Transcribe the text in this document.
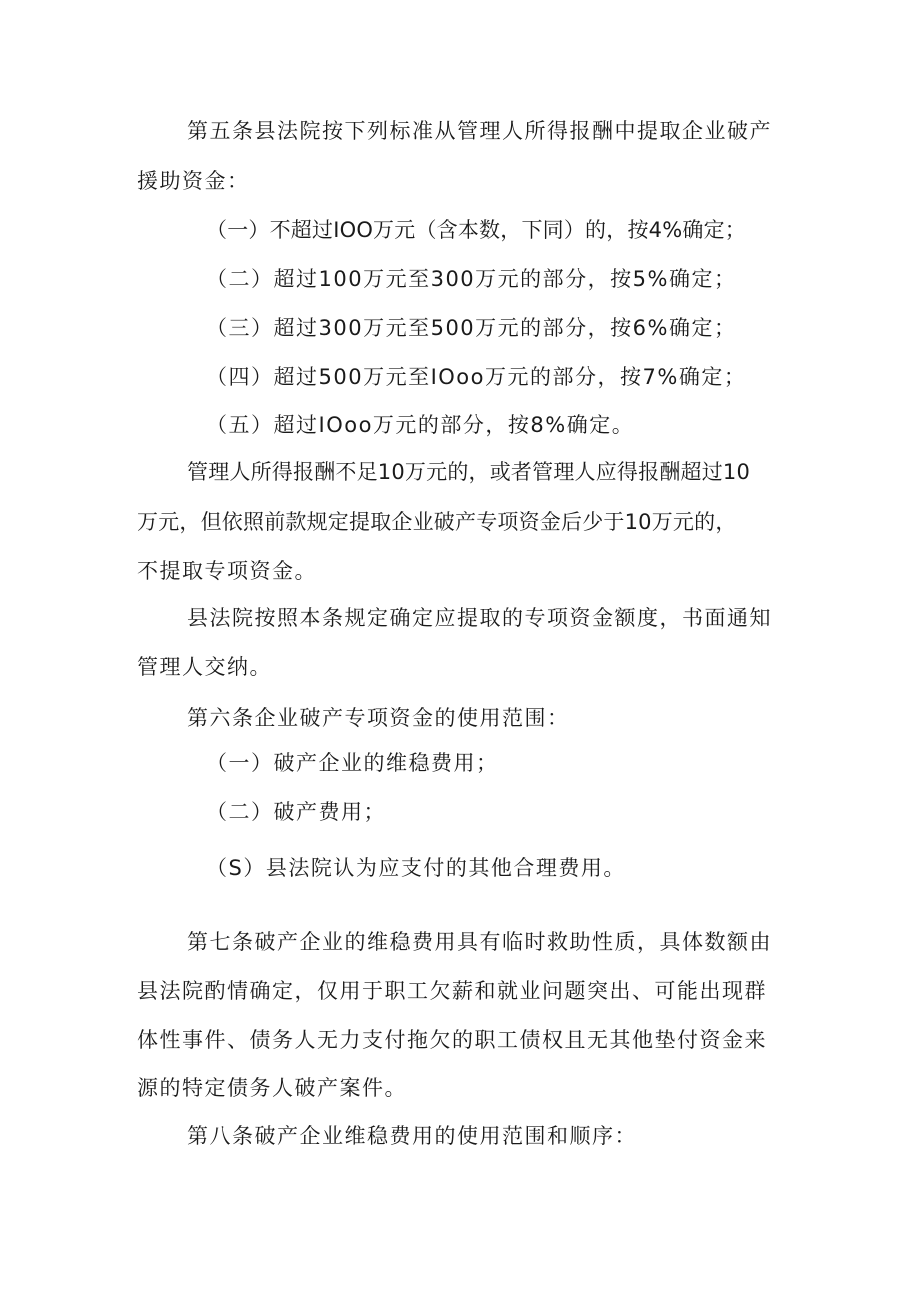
第五条县法院按下列标准从管理人所得报酬中提取企业破产
援助资金：
（一）不超过IOO万元（含本数，下同）的，按4%确定；
（二）超过100万元至300万元的部分，按5%确定；
（三）超过300万元至500万元的部分，按6%确定；
（四）超过500万元至IOoo万元的部分，按7%确定；
（五）超过IOoo万元的部分，按8%确定。
管理人所得报酬不足10万元的，或者管理人应得报酬超过10
万元，但依照前款规定提取企业破产专项资金后少于10万元的，
不提取专项资金。
县法院按照本条规定确定应提取的专项资金额度，书面通知
管理人交纳。
第六条企业破产专项资金的使用范围：
（一）破产企业的维稳费用；
（二）破产费用；
（S）县法院认为应支付的其他合理费用。
第七条破产企业的维稳费用具有临时救助性质，具体数额由
县法院酌情确定，仅用于职工欠薪和就业问题突出、可能出现群
体性事件、债务人无力支付拖欠的职工债权且无其他垫付资金来
源的特定债务人破产案件。
第八条破产企业维稳费用的使用范围和顺序：
